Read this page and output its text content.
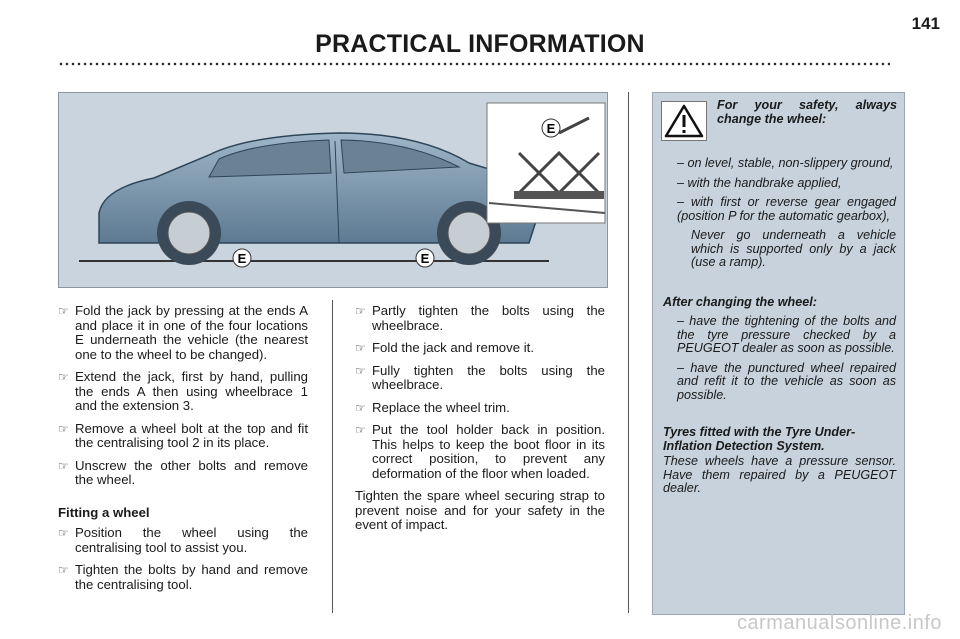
141
PRACTICAL INFORMATION
E
E	E
☞ Fold the jack by pressing at the ends A and place it in one of the four locations E underneath the vehicle (the nearest one to the wheel to be changed).
☞ Extend the jack, first by hand, pulling the ends A then using wheelbrace 1 and the extension 3.
☞ Remove a wheel bolt at the top and fit the centralising tool 2 in its place.
☞ Unscrew the other bolts and remove the wheel.
Fitting a wheel
☞ Position the wheel using the centralising tool to assist you.
☞ Tighten the bolts by hand and remove the centralising tool.
☞ Partly tighten the bolts using the wheelbrace.
☞ Fold the jack and remove it.
☞ Fully tighten the bolts using the wheelbrace.
☞ Replace the wheel trim.
☞ Put the tool holder back in position. This helps to keep the boot floor in its correct position, to prevent any deformation of the floor when loaded.

Tighten the spare wheel securing strap to prevent noise and for your safety in the event of impact.

For your safety, always change the wheel:
– on level, stable, non-slippery ground,
– with the handbrake applied,
– with first or reverse gear engaged (position P for the automatic gearbox),
Never go underneath a vehicle which is supported only by a jack (use a ramp).
After changing the wheel:
– have the tightening of the bolts and the tyre pressure checked by a PEUGEOT dealer as soon as possible.
– have the punctured wheel repaired and refit it to the vehicle as soon as possible.
Tyres fitted with the Tyre Under-Inflation Detection System.
These wheels have a pressure sensor. Have them repaired by a PEUGEOT dealer.
carmanualsonline.info
